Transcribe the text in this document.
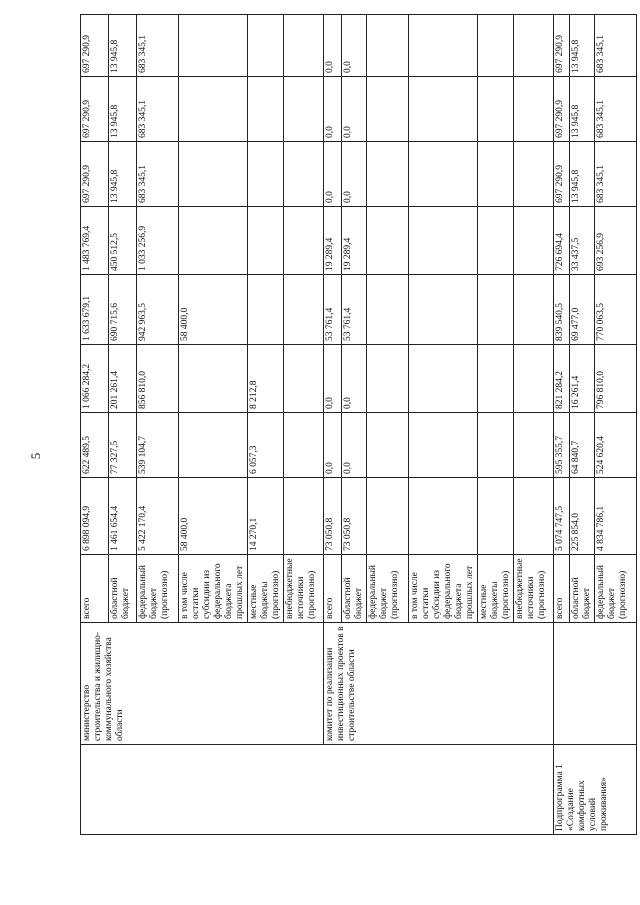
5
	министерство строительства и жилищно-коммунального хозяйства области	всего	6 898 094,9	622 489,5	1 066 284,2	1 633 679,1	1 483 769,4	697 290,9	697 290,9	697 290,9
		областной бюджет	1 461 654,4	77 327,5	201 261,4	690 715,6	450 512,5	13 945,8	13 945,8	13 945,8
		федеральный бюджет (прогнозно)	5 422 170,4	539 104,7	856 810,0	942 963,5	1 033 256,9	683 345,1	683 345,1	683 345,1
		в том числе остатки субсидии из федерального бюджета прошлых лет	58 400,0			58 400,0				
		местные бюджеты (прогнозно)	14 270,1	6 057,3	8 212,8					
		внебюджетные источники (прогнозно)								
	комитет по реализации инвестиционных проектов в строительстве области	всего	73 050,8	0,0	0,0	53 761,4	19 289,4	0,0	0,0	0,0
		областной бюджет	73 050,8	0,0	0,0	53 761,4	19 289,4	0,0	0,0	0,0
		федеральный бюджет (прогнозно)								
		в том числе остатки субсидии из федерального бюджета прошлых лет								
		местные бюджеты (прогнозно)								
		внебюджетные источники (прогнозно)								
Подпрограмма 1 «Создание комфортных условий проживания»		всего	5 074 747,5	595 355,7	821 284,2	839 540,5	726 694,4	697 290,9	697 290,9	697 290,9
		областной бюджет	225 854,0	64 840,7	16 261,4	69 477,0	33 437,5	13 945,8	13 945,8	13 945,8
		федеральный бюджет (прогнозно)	4 834 786,1	524 620,4	796 810,0	770 063,5	693 256,9	683 345,1	683 345,1	683 345,1
